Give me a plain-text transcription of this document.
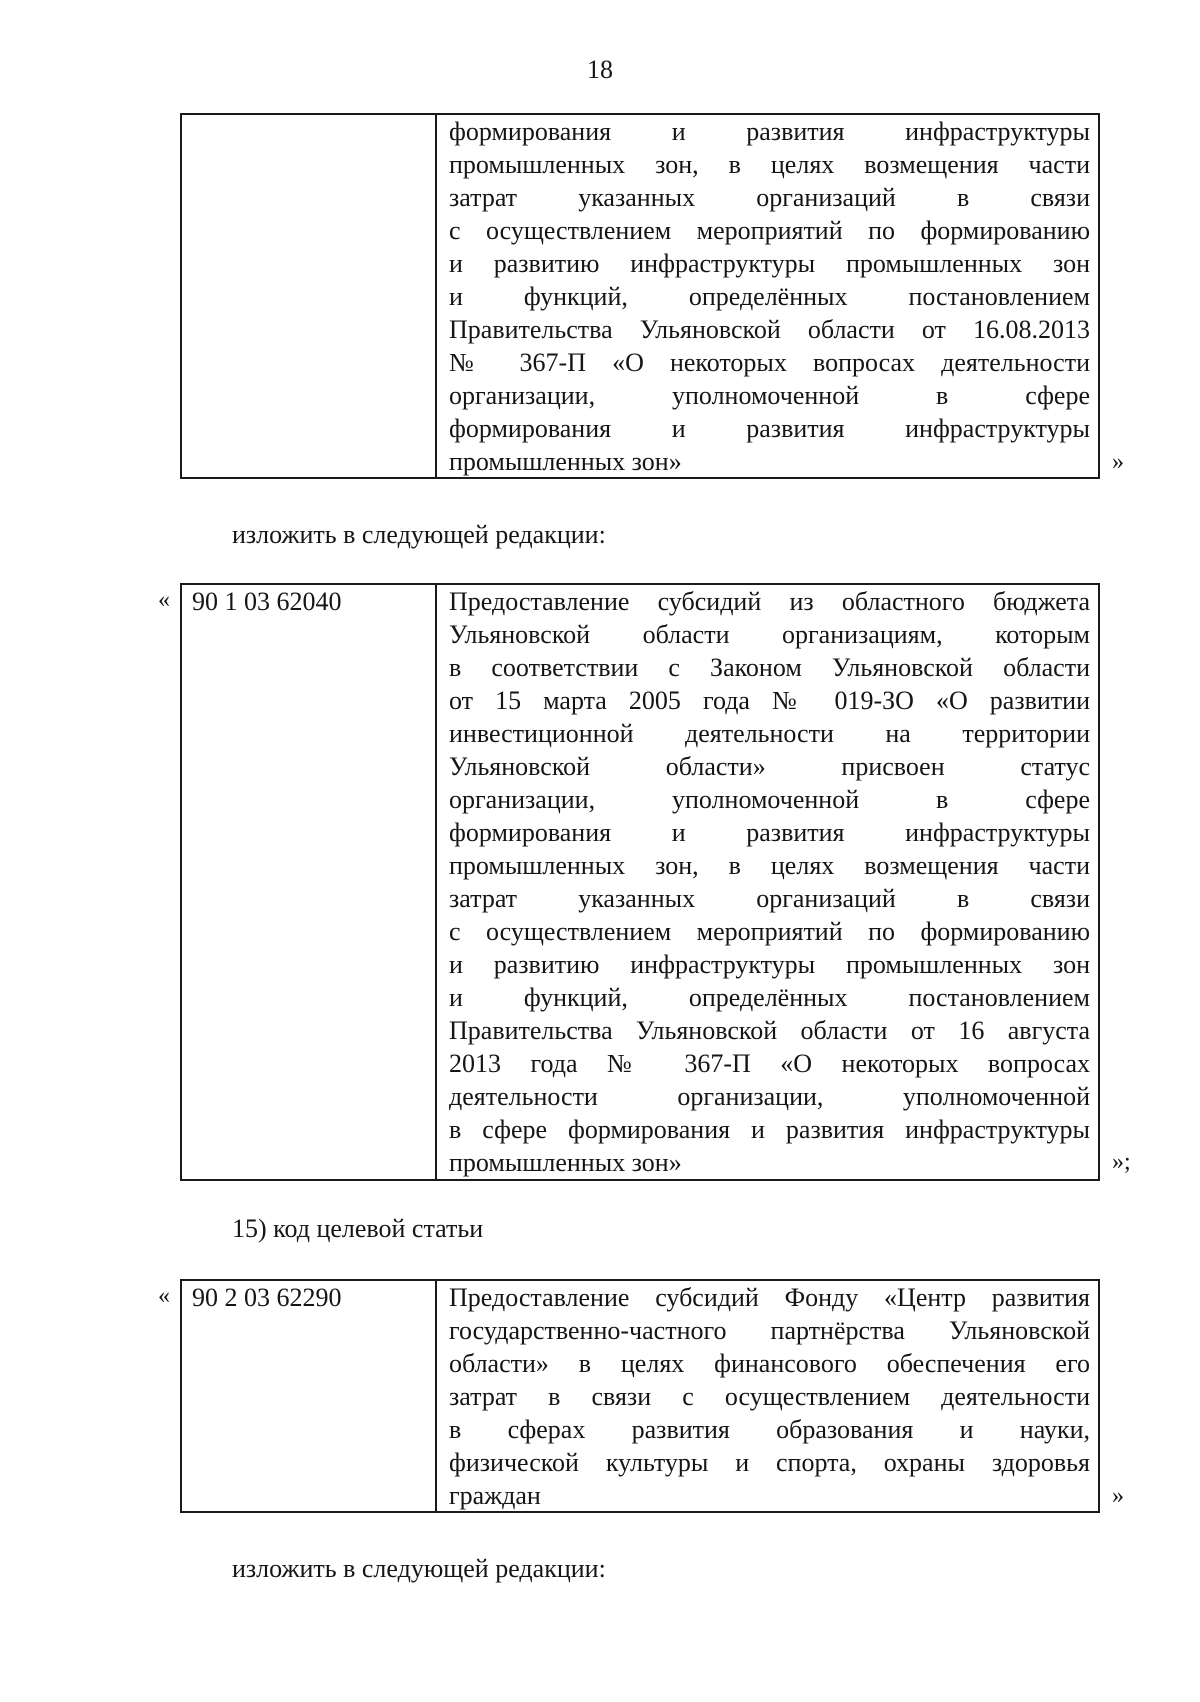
18
формирования и развития инфраструктуры
промышленных зон, в целях возмещения части
затрат указанных организаций в связи
с осуществлением мероприятий по формированию
и развитию инфраструктуры промышленных зон
и функций, определённых постановлением
Правительства Ульяновской области от 16.08.2013
№ 367-П «О некоторых вопросах деятельности
организации, уполномоченной в сфере
формирования и развития инфраструктуры
промышленных зон»	»
изложить в следующей редакции:
« 90 1 03 62040	Предоставление субсидий из областного бюджета
Ульяновской области организациям, которым
в соответствии с Законом Ульяновской области
от 15 марта 2005 года № 019-ЗО «О развитии
инвестиционной деятельности на территории
Ульяновской области» присвоен статус
организации, уполномоченной в сфере
формирования и развития инфраструктуры
промышленных зон, в целях возмещения части
затрат указанных организаций в связи
с осуществлением мероприятий по формированию
и развитию инфраструктуры промышленных зон
и функций, определённых постановлением
Правительства Ульяновской области от 16 августа
2013 года № 367-П «О некоторых вопросах
деятельности организации, уполномоченной
в сфере формирования и развития инфраструктуры
промышленных зон»	»;
15) код целевой статьи
« 90 2 03 62290	Предоставление субсидий Фонду «Центр развития
государственно-частного партнёрства Ульяновской
области» в целях финансового обеспечения его
затрат в связи с осуществлением деятельности
в сферах развития образования и науки,
физической культуры и спорта, охраны здоровья
граждан	»
изложить в следующей редакции:
